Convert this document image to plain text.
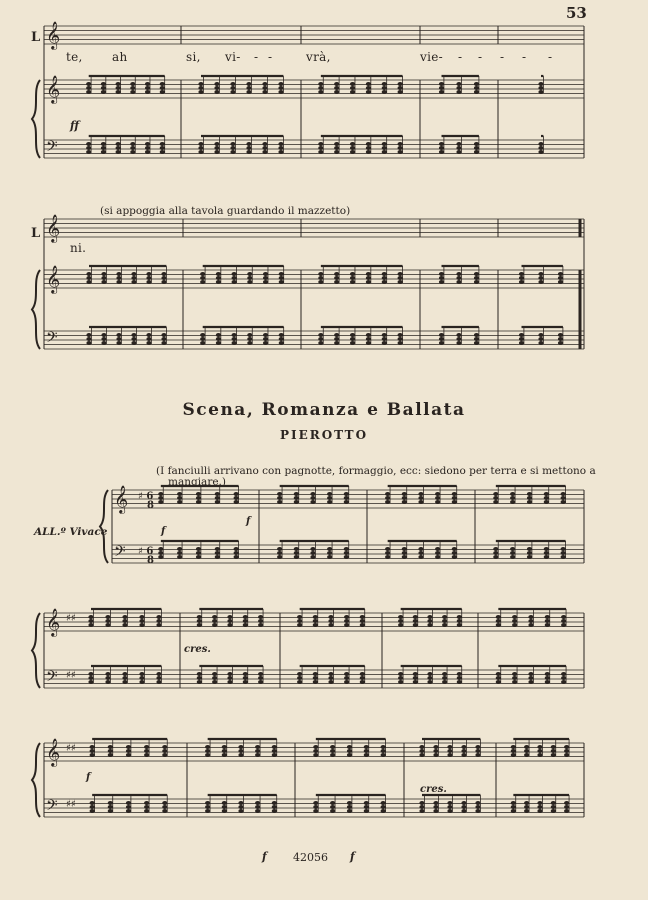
𝄞
𝄞
𝄢
𝄞
𝄞
𝄢
𝄞
𝄢
𝄞
𝄢
𝄞
𝄢
♯ 6
♯ 6
8
8
♯♯
♯♯
♯♯
♯♯
53
L
te, ah	si, vi- - -	vrà,	vie- - - - - -
ff
L
(si appoggia alla tavola guardando il mazzetto)
ni.
Scena, Romanza e Ballata
PIEROTTO
(I fanciulli arrivano con pagnotte, formaggio, ecc: siedono per terra e si mettono a
mangiare.)
ALL.º Vivace	f
f
cres.
f
cres.
f 42056 f
